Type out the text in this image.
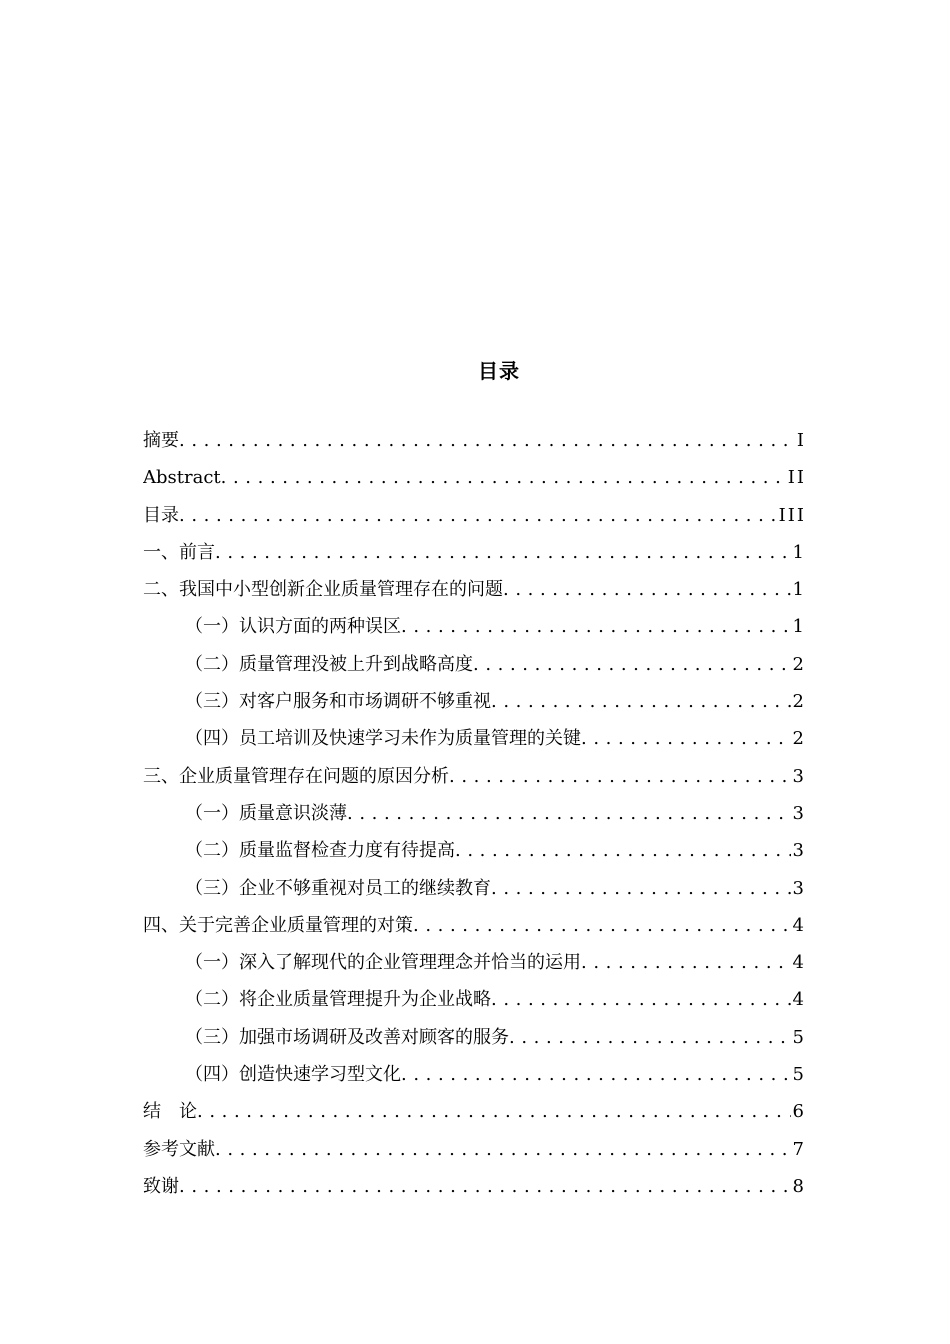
目录
摘要 .....	I
Abstract .....	II
目录 .....	III
一、前言 .....	1
二、我国中小型创新企业质量管理存在的问题 .....	1
（一）认识方面的两种误区 .....	1
（二）质量管理没被上升到战略高度 .....	2
（三）对客户服务和市场调研不够重视 .....	2
（四）员工培训及快速学习未作为质量管理的关键 .....	2
三、企业质量管理存在问题的原因分析 .....	3
（一）质量意识淡薄 .....	3
（二）质量监督检查力度有待提高 .....	3
（三）企业不够重视对员工的继续教育 .....	3
四、关于完善企业质量管理的对策 .....	4
（一）深入了解现代的企业管理理念并恰当的运用 .....	4
（二）将企业质量管理提升为企业战略 .....	4
（三）加强市场调研及改善对顾客的服务 .....	5
（四）创造快速学习型文化 .....	5
结　论 .....	6
参考文献 .....	7
致谢 .....	8
